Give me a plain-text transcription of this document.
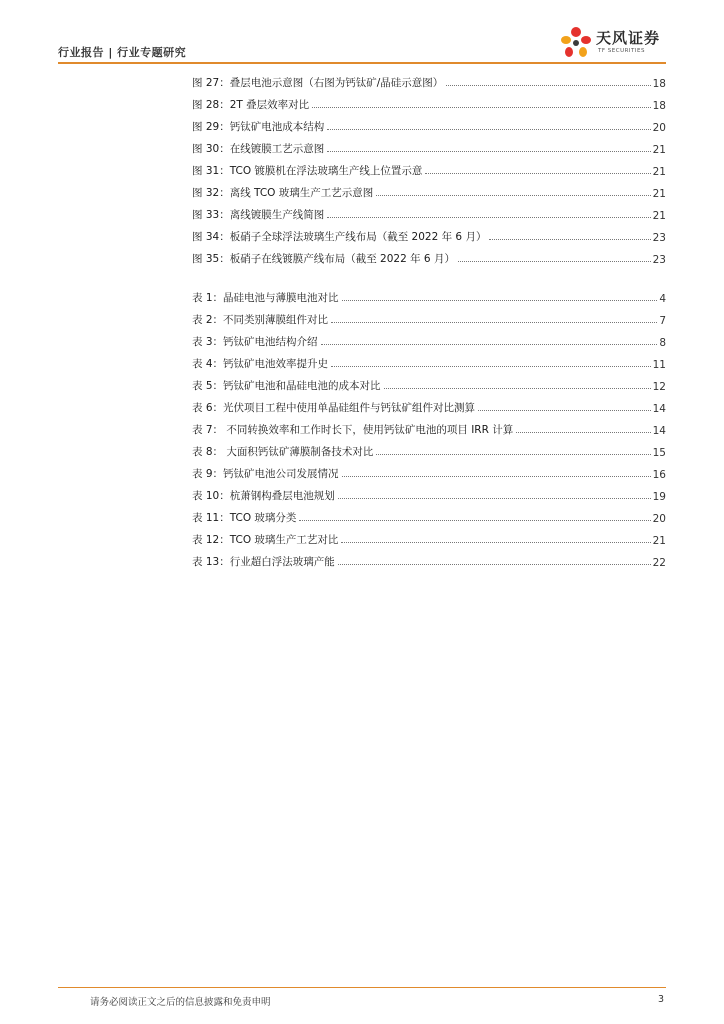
行业报告 | 行业专题研究
天风证券
TF SECURITIES
图 27：叠层电池示意图（右图为钙钛矿/晶硅示意图）	18
图 28：2T 叠层效率对比	18
图 29：钙钛矿电池成本结构	20
图 30：在线镀膜工艺示意图	21
图 31：TCO 镀膜机在浮法玻璃生产线上位置示意	21
图 32：离线 TCO 玻璃生产工艺示意图	21
图 33：离线镀膜生产线简图	21
图 34：板硝子全球浮法玻璃生产线布局（截至 2022 年 6 月）	23
图 35：板硝子在线镀膜产线布局（截至 2022 年 6 月）	23
表 1：晶硅电池与薄膜电池对比	4
表 2：不同类别薄膜组件对比	7
表 3：钙钛矿电池结构介绍	8
表 4：钙钛矿电池效率提升史	11
表 5：钙钛矿电池和晶硅电池的成本对比	12
表 6：光伏项目工程中使用单晶硅组件与钙钛矿组件对比测算	14
表 7： 不同转换效率和工作时长下，使用钙钛矿电池的项目 IRR 计算	14
表 8： 大面积钙钛矿薄膜制备技术对比	15
表 9：钙钛矿电池公司发展情况	16
表 10：杭萧钢构叠层电池规划	19
表 11：TCO 玻璃分类	20
表 12：TCO 玻璃生产工艺对比	21
表 13：行业超白浮法玻璃产能	22
请务必阅读正文之后的信息披露和免责申明	3
